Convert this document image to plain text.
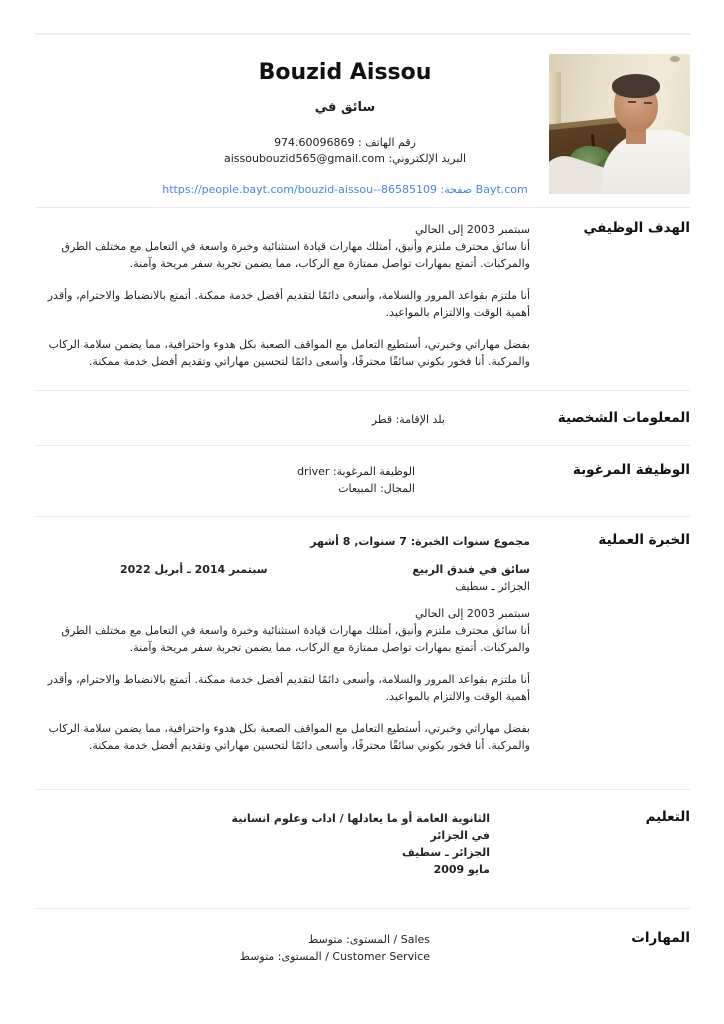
Bouzid Aissou
سائق في
رقم الهاتف : 974.60096869
البريد الإلكتروني: aissoubouzid565@gmail.com
Bayt.com صفحة: https://people.bayt.com/bouzid-aissou--86585109
سبتمبر 2003 إلى الحالي

أنا سائق محترف ملتزم وأنيق، أمتلك مهارات قيادة استثنائية وخبرة واسعة في التعامل مع مختلف الطرق والمركبات. أتمتع بمهارات تواصل ممتازة مع الركاب، مما يضمن تجربة سفر مريحة وآمنة.

أنا ملتزم بقواعد المرور والسلامة، وأسعى دائمًا لتقديم أفضل خدمة ممكنة. أتمتع بالانضباط والاحترام، وأقدر أهمية الوقت والالتزام بالمواعيد.

بفضل مهاراتي وخبرتي، أستطيع التعامل مع المواقف الصعبة بكل هدوء واحترافية، مما يضمن سلامة الركاب والمركبة. أنا فخور بكوني سائقًا محترفًا، وأسعى دائمًا لتحسين مهاراتي وتقديم أفضل خدمة ممكنة.

الهدف الوظيفي
بلد الإقامة: قطر	المعلومات الشخصية
الوظيفة المرغوبة: driver
المجال: المبيعات
الوظيفة المرغوبة
مجموع سنوات الخبرة: 7 سنوات, 8 أشهر
سائق في فندق الربيع
سبتمبر 2014 ـ أبريل 2022
الجزائر ـ سطيف
سبتمبر 2003 إلى الحالي

أنا سائق محترف ملتزم وأنيق، أمتلك مهارات قيادة استثنائية وخبرة واسعة في التعامل مع مختلف الطرق والمركبات. أتمتع بمهارات تواصل ممتازة مع الركاب، مما يضمن تجربة سفر مريحة وآمنة.

أنا ملتزم بقواعد المرور والسلامة، وأسعى دائمًا لتقديم أفضل خدمة ممكنة. أتمتع بالانضباط والاحترام، وأقدر أهمية الوقت والالتزام بالمواعيد.

بفضل مهاراتي وخبرتي، أستطيع التعامل مع المواقف الصعبة بكل هدوء واحترافية، مما يضمن سلامة الركاب والمركبة. أنا فخور بكوني سائقًا محترفًا، وأسعى دائمًا لتحسين مهاراتي وتقديم أفضل خدمة ممكنة.

الخبرة العملية
الثانوية العامة أو ما يعادلها / اداب وعلوم انسانية في الجزائر
الجزائر ـ سطيف
مايو 2009
التعليم
Sales / المستوى: متوسط
Customer Service / المستوى: متوسط
المهارات
